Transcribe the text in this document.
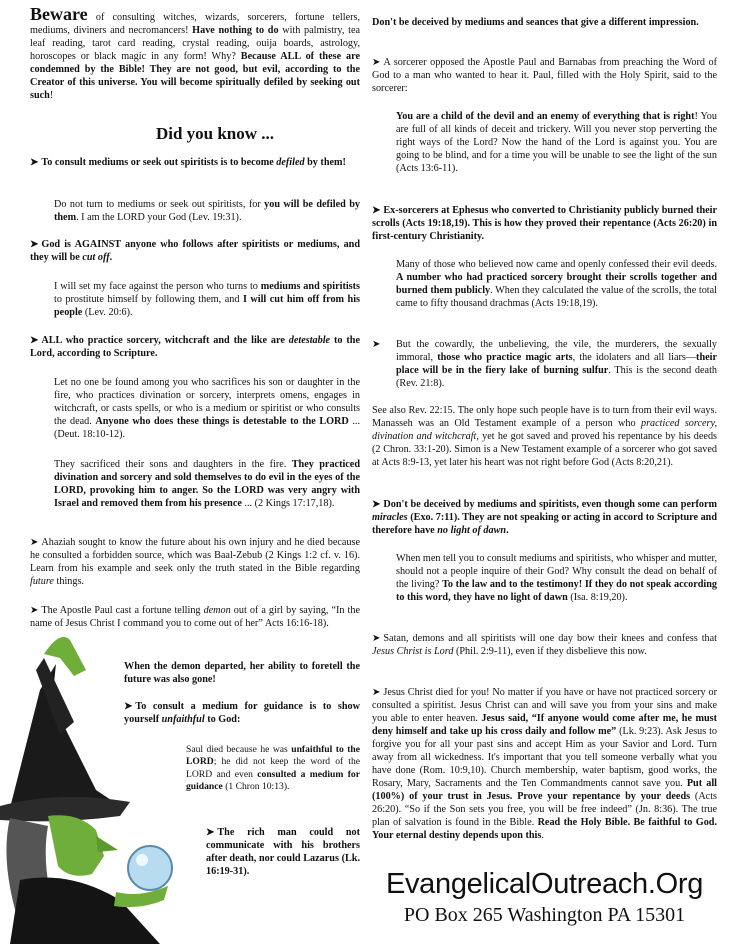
Beware of consulting witches, wizards, sorcerers, fortune tellers, mediums, diviners and necromancers! Have nothing to do with palmistry, tea leaf reading, tarot card reading, crystal reading, ouija boards, astrology, horoscopes or black magic in any form! Why? Because ALL of these are condemned by the Bible! They are not good, but evil, according to the Creator of this universe. You will become spiritually defiled by seeking out such!

Did you know ...

➤ To consult mediums or seek out spiritists is to become defiled by them!

Do not turn to mediums or seek out spiritists, for you will be defiled by them. I am the LORD your God (Lev. 19:31).

➤ God is AGAINST anyone who follows after spiritists or mediums, and they will be cut off.

I will set my face against the person who turns to mediums and spiritists to prostitute himself by following them, and I will cut him off from his people (Lev. 20:6).

➤ ALL who practice sorcery, witchcraft and the like are detestable to the Lord, according to Scripture.

Let no one be found among you who sacrifices his son or daughter in the fire, who practices divination or sorcery, interprets omens, engages in witchcraft, or casts spells, or who is a medium or spiritist or who consults the dead. Anyone who does these things is detestable to the LORD ... (Deut. 18:10-12).

They sacrificed their sons and daughters in the fire. They practiced divination and sorcery and sold themselves to do evil in the eyes of the LORD, provoking him to anger. So the LORD was very angry with Israel and removed them from his presence ... (2 Kings 17:17,18).

➤ Ahaziah sought to know the future about his own injury and he died because he consulted a forbidden source, which was Baal-Zebub (2 Kings 1:2 cf. v. 16). Learn from his example and seek only the truth stated in the Bible regarding future things.

➤ The Apostle Paul cast a fortune telling demon out of a girl by saying, “In the name of Jesus Christ I command you to come out of her” Acts 16:16-18).

When the demon departed, her ability to foretell the future was also gone!

➤ To consult a medium for guidance is to show yourself unfaithful to God:

Saul died because he was unfaithful to the LORD; he did not keep the word of the LORD and even consulted a medium for guidance (1 Chron 10:13).

➤ The rich man could not communicate with his brothers after death, nor could Lazarus (Lk. 16:19-31).

Don't be deceived by mediums and seances that give a different impression.

➤ A sorcerer opposed the Apostle Paul and Barnabas from preaching the Word of God to a man who wanted to hear it. Paul, filled with the Holy Spirit, said to the sorcerer:

You are a child of the devil and an enemy of everything that is right! You are full of all kinds of deceit and trickery. Will you never stop perverting the right ways of the Lord? Now the hand of the Lord is against you. You are going to be blind, and for a time you will be unable to see the light of the sun (Acts 13:6-11).

➤ Ex-sorcerers at Ephesus who converted to Christianity publicly burned their scrolls (Acts 19:18,19). This is how they proved their repentance (Acts 26:20) in first-century Christianity.

Many of those who believed now came and openly confessed their evil deeds. A number who had practiced sorcery brought their scrolls together and burned them publicly. When they calculated the value of the scrolls, the total came to fifty thousand drachmas (Acts 19:18,19).

➤	But the cowardly, the unbelieving, the vile, the murderers, the sexually immoral, those who practice magic arts, the idolaters and all liars—their place will be in the fiery lake of burning sulfur. This is the second death (Rev. 21:8).

See also Rev. 22:15. The only hope such people have is to turn from their evil ways. Manasseh was an Old Testament example of a person who practiced sorcery, divination and witchcraft, yet he got saved and proved his repentance by his deeds (2 Chron. 33:1-20). Simon is a New Testament example of a sorcerer who got saved at Acts 8:9-13, yet later his heart was not right before God (Acts 8:20,21).

➤ Don't be deceived by mediums and spiritists, even though some can perform miracles (Exo. 7:11). They are not speaking or acting in accord to Scripture and therefore have no light of dawn.

When men tell you to consult mediums and spiritists, who whisper and mutter, should not a people inquire of their God? Why consult the dead on behalf of the living? To the law and to the testimony! If they do not speak according to this word, they have no light of dawn (Isa. 8:19,20).

➤ Satan, demons and all spiritists will one day bow their knees and confess that Jesus Christ is Lord (Phil. 2:9-11), even if they disbelieve this now.

➤ Jesus Christ died for you! No matter if you have or have not practiced sorcery or consulted a spiritist. Jesus Christ can and will save you from your sins and make you able to enter heaven. Jesus said, “If anyone would come after me, he must deny himself and take up his cross daily and follow me” (Lk. 9:23). Ask Jesus to forgive you for all your past sins and accept Him as your Savior and Lord. Turn away from all wickedness. It's important that you tell someone verbally what you have done (Rom. 10:9,10). Church membership, water baptism, good works, the Rosary, Mary, Sacraments and the Ten Commandments cannot save you. Put all (100%) of your trust in Jesus. Prove your repentance by your deeds (Acts 26:20). “So if the Son sets you free, you will be free indeed” (Jn. 8:36). The true plan of salvation is found in the Bible. Read the Holy Bible. Be faithful to God. Your eternal destiny depends upon this.

EvangelicalOutreach.Org
PO Box 265 Washington PA 15301
